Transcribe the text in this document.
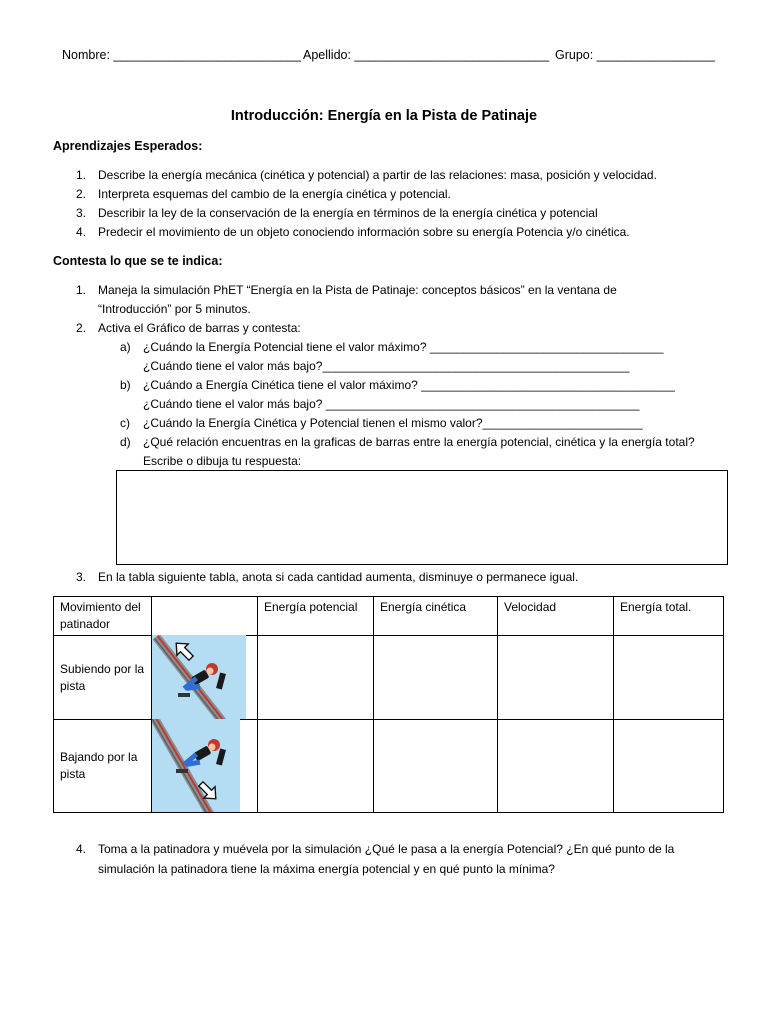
Nombre: ___________________________ Apellido: ____________________________ Grupo: _________________
Introducción: Energía en la Pista de Patinaje
Aprendizajes Esperados:
1. Describe la energía mecánica (cinética y potencial) a partir de las relaciones: masa, posición y velocidad.
2. Interpreta esquemas del cambio de la energía cinética y potencial.
3. Describir la ley de la conservación de la energía en términos de la energía cinética y potencial
4. Predecir el movimiento de un objeto conociendo información sobre su energía Potencia y/o cinética.
Contesta lo que se te indica:
1. Maneja la simulación PhET “Energía en la Pista de Patinaje: conceptos básicos” en la ventana de
“Introducción” por 5 minutos.
2. Activa el Gráfico de barras y contesta:
a) ¿Cuándo la Energía Potencial tiene el valor máximo? ___________________________________
¿Cuándo tiene el valor más bajo?______________________________________________
b) ¿Cuándo a Energía Cinética tiene el valor máximo? ______________________________________
¿Cuándo tiene el valor más bajo? _______________________________________________
c) ¿Cuándo la Energía Cinética y Potencial tienen el mismo valor?________________________
d) ¿Qué relación encuentras en la graficas de barras entre la energía potencial, cinética y la energía total?
Escribe o dibuja tu respuesta:
3. En la tabla siguiente tabla, anota si cada cantidad aumenta, disminuye o permanece igual.
Movimiento del patinador		Energía potencial	Energía cinética	Velocidad	Energía total.
Subiendo por la pista	

Bajando por la pista	

4. Toma a la patinadora y muévela por la simulación ¿Qué le pasa a la energía Potencial? ¿En qué punto de la
simulación la patinadora tiene la máxima energía potencial y en qué punto la mínima?
